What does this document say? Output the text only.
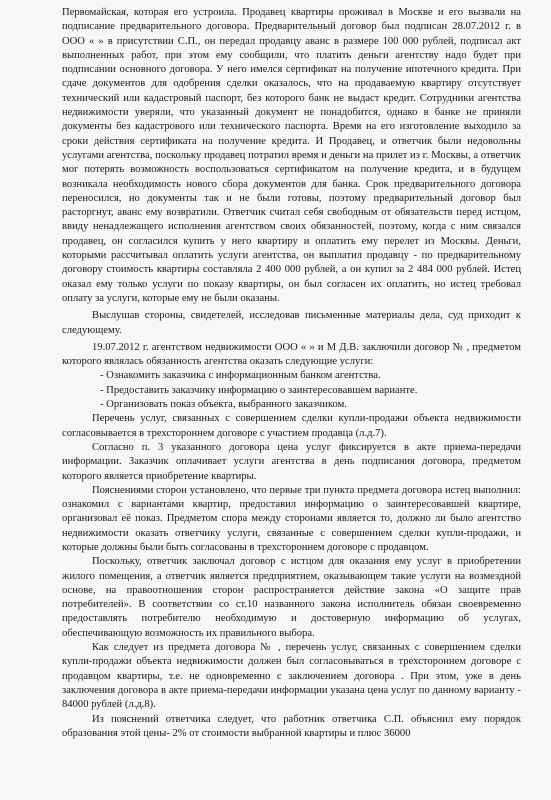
Первомайская, которая его устроила. Продавец квартиры проживал в Москве и его вызвали на подписание предварительного договора. Предварительный договор был подписан 28.07.2012 г. в ООО « » в присутствии С.П., он передал продавцу аванс в размере 100 000 рублей, подписал акт выполненных работ, при этом ему сообщили, что платить деньги агентству надо будет при подписании основного договора. У него имелся сертификат на получение ипотечного кредита. При сдаче документов для одобрения сделки оказалось, что на продаваемую квартиру отсутствует технический или кадастровый паспорт, без которого банк не выдаст кредит. Сотрудники агентства недвижимости уверяли, что указанный документ не понадобится, однако в банке не приняли документы без кадастрового или технического паспорта. Время на его изготовление выходило за сроки действия сертификата на получение кредита. И Продавец, и ответчик были недовольны услугами агентства, поскольку продавец потратил время и деньги на прилет из г. Москвы, а ответчик мог потерять возможность воспользоваться сертификатом на получение кредита, и в будущем возникала необходимость нового сбора документов для банка. Срок предварительного договора переносился, но документы так и не были готовы, поэтому предварительный договор был расторгнут, аванс ему возвратили. Ответчик считал себя свободным от обязательств перед истцом, ввиду ненадлежащего исполнения агентством своих обязанностей, поэтому, когда с ним связался продавец, он согласился купить у него квартиру и оплатить ему перелет из Москвы. Деньги, которыми рассчитывал оплатить услуги агентства, он выплатил продавцу - по предварительному договору стоимость квартиры составляла 2 400 000 рублей, а он купил за 2 484 000 рублей. Истец оказал ему только услуги по показу квартиры, он был согласен их оплатить, но истец требовал оплату за услуги, которые ему не были оказаны.

Выслушав стороны, свидетелей, исследовав письменные материалы дела, суд приходит к следующему.

19.07.2012 г. агентством недвижимости ООО « » и М Д.В. заключили договор № , предметом которого являлась обязанность агентства оказать следующие услуги:

- Ознакомить заказчика с информационным банком агентства.

- Предоставить заказчику информацию о заинтересовавшем варианте.

- Организовать показ объекта, выбранного заказчиком.

Перечень услуг, связанных с совершением сделки купли-продажи объекта недвижимости согласовывается в трехстороннем договоре с участием продавца (л.д.7).

Согласно п. 3 указанного договора цена услуг фиксируется в акте приема-передачи информации. Заказчик оплачивает услуги агентства в день подписания договора, предметом которого является приобретение квартиры.

Пояснениями сторон установлено, что первые три пункта предмета договора истец выполнил: ознакомил с вариантами квартир, предоставил информацию о заинтересовавшей квартире, организовал её показ. Предметом спора между сторонами является то, должно ли было агентство недвижимости оказать ответчику услуги, связанные с совершением сделки купли-продажи, и которые должны были быть согласованы в трехстороннем договоре с продавцом.

Поскольку, ответчик заключал договор с истцом для оказания ему услуг в приобретении жилого помещения, а ответчик является предприятием, оказывающем такие услуги на возмездной основе, на правоотношения сторон распространяется действие закона «О защите прав потребителей». В соответствии со ст.10 названного закона исполнитель обязан своевременно предоставлять потребителю необходимую и достоверную информацию об услугах, обеспечивающую возможность их правильного выбора.

Как следует из предмета договора № , перечень услуг, связанных с совершением сделки купли-продажи объекта недвижимости должен был согласовываться в трехстороннем договоре с продавцом квартиры, т.е. не одновременно с заключением договора . При этом, уже в день заключения договора в акте приема-передачи информации указана цена услуг по данному варианту - 84000 рублей (л.д.8).

Из пояснений ответчика следует, что работник ответчика С.П. объяснил ему порядок образования этой цены- 2% от стоимости выбранной квартиры и плюс 36000
